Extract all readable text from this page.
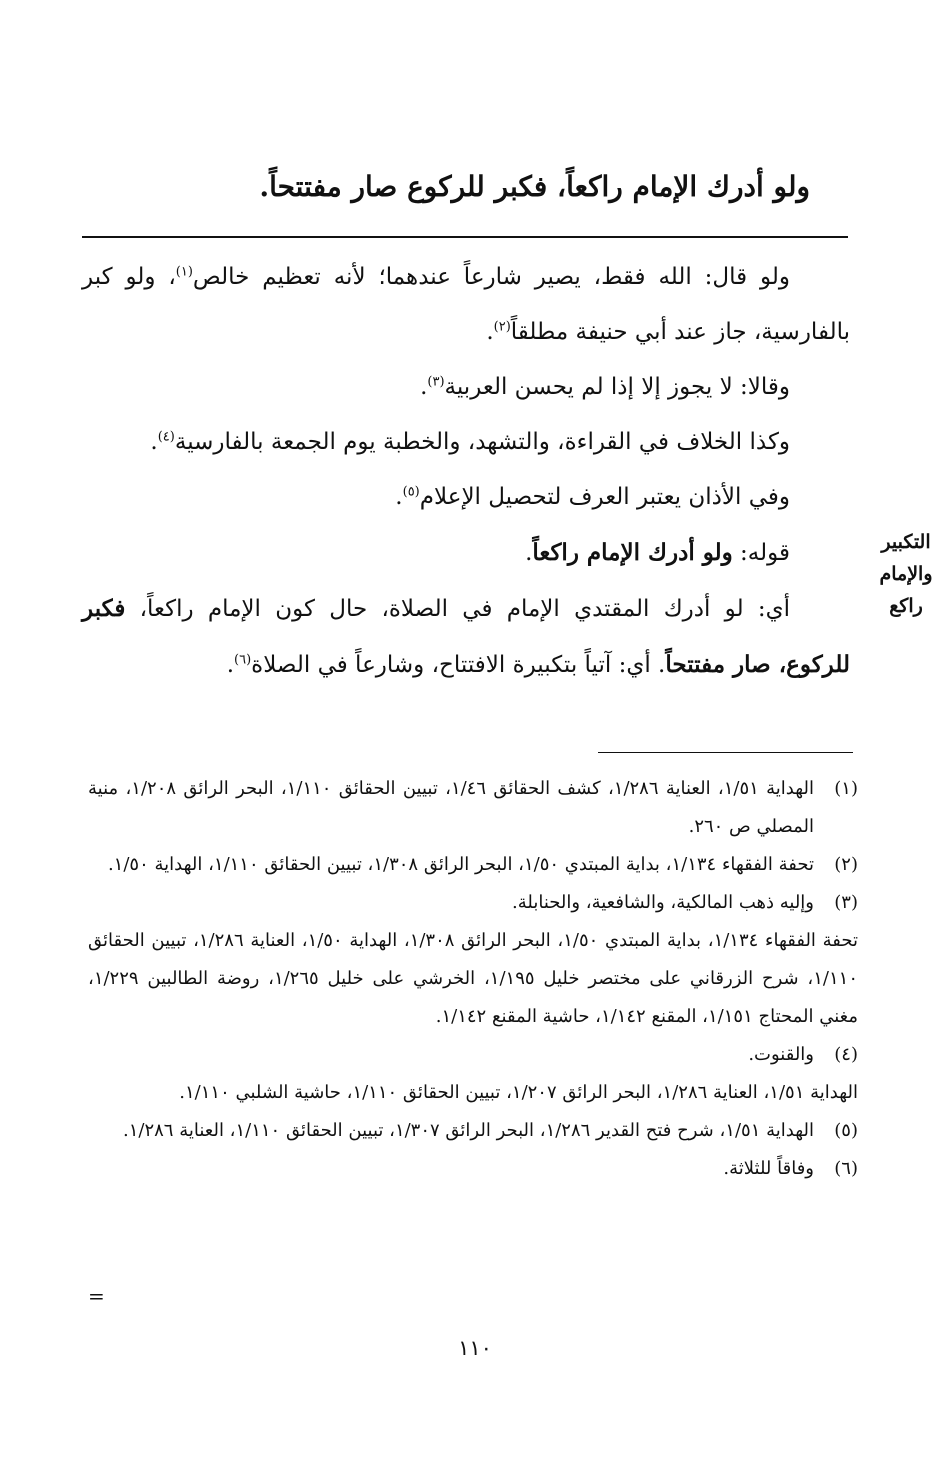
ولو أدرك الإمام راكعاً، فكبر للركوع صار مفتتحاً.

ولو قال: الله فقط، يصير شارعاً عندهما؛ لأنه تعظيم خالص$^{(١)}$، ولو كبر بالفارسية، جاز عند أبي حنيفة مطلقاً$^{(٢)}$.

وقالا: لا يجوز إلا إذا لم يحسن العربية$^{(٣)}$.

وكذا الخلاف في القراءة، والتشهد، والخطبة يوم الجمعة بالفارسية$^{(٤)}$.

وفي الأذان يعتبر العرف لتحصيل الإعلام$^{(٥)}$.

قوله: ولو أدرك الإمام راكعاً.

أي: لو أدرك المقتدي الإمام في الصلاة، حال كون الإمام راكعاً، فكبر للركوع، صار مفتتحاً. أي: آتياً بتكبيرة الافتتاح، وشارعاً في الصلاة$^{(٦)}$.

التكبير
والإمام
راكع
(١)
الهداية ١/٥١، العناية ١/٢٨٦، كشف الحقائق ١/٤٦، تبيين الحقائق ١/١١٠، البحر الرائق ١/٢٠٨، منية المصلي ص ٢٦٠.
(٢)
تحفة الفقهاء ١/١٣٤، بداية المبتدي ١/٥٠، البحر الرائق ١/٣٠٨، تبيين الحقائق ١/١١٠، الهداية ١/٥٠.
(٣)
وإليه ذهب المالكية، والشافعية، والحنابلة.
تحفة الفقهاء ١/١٣٤، بداية المبتدي ١/٥٠، البحر الرائق ١/٣٠٨، الهداية ١/٥٠، العناية ١/٢٨٦، تبيين الحقائق ١/١١٠، شرح الزرقاني على مختصر خليل ١/١٩٥، الخرشي على خليل ١/٢٦٥، روضة الطالبين ١/٢٢٩، مغني المحتاج ١/١٥١، المقنع ١/١٤٢، حاشية المقنع ١/١٤٢.
(٤)
والقنوت.
الهداية ١/٥١، العناية ١/٢٨٦، البحر الرائق ١/٢٠٧، تبيين الحقائق ١/١١٠، حاشية الشلبي ١/١١٠.
(٥)
الهداية ١/٥١، شرح فتح القدير ١/٢٨٦، البحر الرائق ١/٣٠٧، تبيين الحقائق ١/١١٠، العناية ١/٢٨٦.
(٦)
وفاقاً للثلاثة.
=
١١٠
